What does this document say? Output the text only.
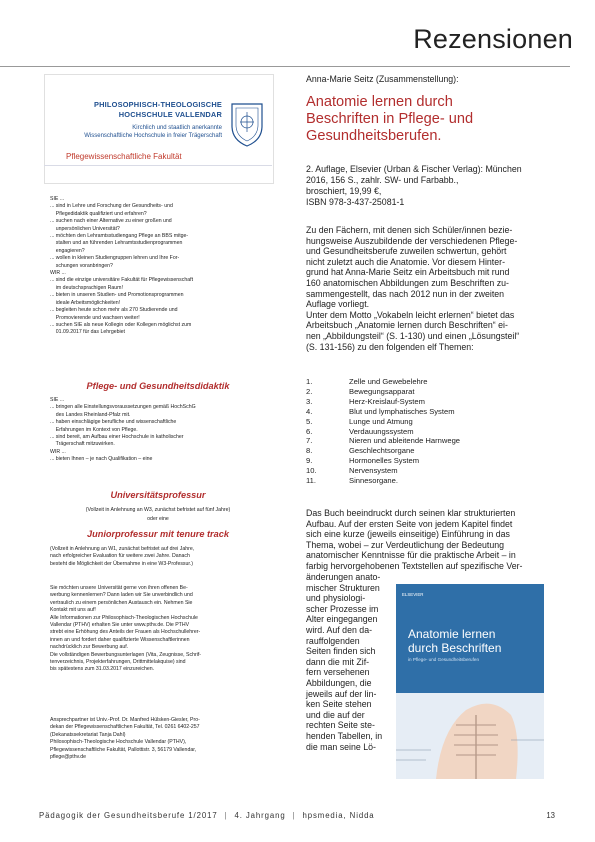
Rezensionen
PHILOSOPHISCH-THEOLOGISCHE
HOCHSCHULE VALLENDAR
Kirchlich und staatlich anerkannte
Wissenschaftliche Hochschule in freier Trägerschaft
Pflegewissenschaftliche Fakultät
SIE ...
... sind in Lehre und Forschung der Gesundheits- und
Pflegedidaktik qualifiziert und erfahren?
... suchen nach einer Alternative zu einer großen und
unpersönlichen Universität?
... möchten den Lehramtsstudiengang Pflege an BBS mitge-
stalten und an führenden Lehramtsstudienprogrammen
engagieren?
... wollen in kleinen Studiengruppen lehren und Ihre For-
schungen voranbringen?
WIR ...
... sind die einzige universitäre Fakultät für Pflegewissenschaft
im deutschsprachigen Raum!
... bieten in unseren Studien- und Promotionsprogrammen
ideale Arbeitsmöglichkeiten!
... begleiten heute schon mehr als 270 Studierende und
Promovierende und wachsen weiter!
... suchen SIE als neue Kollegin oder Kollegen möglichst zum
01.09.2017 für das Lehrgebiet
Pflege- und Gesundheitsdidaktik
SIE ...
... bringen alle Einstellungsvoraussetzungen gemäß HochSchG
des Landes Rheinland-Pfalz mit.
... haben einschlägige berufliche und wissenschaftliche
Erfahrungen im Kontext von Pflege.
... sind bereit, am Aufbau einer Hochschule in katholischer
Trägerschaft mitzuwirken.
WIR ...
... bieten Ihnen – je nach Qualifikation – eine
Universitätsprofessur
(Vollzeit in Anlehnung an W3, zunächst befristet auf fünf Jahre)
oder eine
Juniorprofessur mit tenure track
(Vollzeit in Anlehnung an W1, zunächst befristet auf drei Jahre,
nach erfolgreicher Evaluation für weitere zwei Jahre. Danach
besteht die Möglichkeit der Übernahme in eine W3-Professur.)
Sie möchten unsere Universität gerne von ihren offenen Be-
werbung kennenlernen? Dann laden wir Sie unverbindlich und
vertraulich zu einem persönlichen Austausch ein. Nehmen Sie
Kontakt mit uns auf!
Alle Informationen zur Philosophisch-Theologischen Hochschule
Vallendar (PTHV) erhalten Sie unter www.pthv.de. Die PTHV
strebt eine Erhöhung des Anteils der Frauen als Hochschullehrer-
innen an und fordert daher qualifizierte Wissenschaftlerinnen
nachdrücklich zur Bewerbung auf.
Die vollständigen Bewerbungsunterlagen (Vita, Zeugnisse, Schrif-
tenverzeichnis, Projekterfahrungen, Drittmittelakquise) sind
bis spätestens zum 31.03.2017 einzureichen.
Ansprechpartner ist Univ.-Prof. Dr. Manfred Hülsken-Giesler, Pro-
dekan der Pflegewissenschaftlichen Fakultät, Tel. 0261 6402-257
(Dekanatssekretariat Tanja Dahl)
Philosophisch-Theologische Hochschule Vallendar (PTHV),
Pflegewissenschaftliche Fakultät, Pallottistr. 3, 56179 Vallendar,
pflege@pthv.de
Anna-Marie Seitz (Zusammenstellung):
Anatomie lernen durch
Beschriften in Pflege- und
Gesundheitsberufen.
2. Auflage, Elsevier (Urban & Fischer Verlag): München
2016, 156 S., zahlr. SW- und Farbabb.,
broschiert, 19,99 €,
ISBN 978-3-437-25081-1
Zu den Fächern, mit denen sich Schüler/innen bezie-
hungsweise Auszubildende der verschiedenen Pflege-
und Gesundheitsberufe zuweilen schwertun, gehört
nicht zuletzt auch die Anatomie. Vor diesem Hinter-
grund hat Anna-Marie Seitz ein Arbeitsbuch mit rund
160 anatomischen Abbildungen zum Beschriften zu-
sammengestellt, das nach 2012 nun in der zweiten
Auflage vorliegt.
Unter dem Motto „Vokabeln leicht erlernen“ bietet das
Arbeitsbuch „Anatomie lernen durch Beschriften“ ei-
nen „Abbildungsteil“ (S. 1-130) und einen „Lösungsteil“
(S. 131-156) zu den folgenden elf Themen:
1.	Zelle und Gewebelehre
2.	Bewegungsapparat
3.	Herz-Kreislauf-System
4.	Blut und lymphatisches System
5.	Lunge und Atmung
6.	Verdauungssystem
7.	Nieren und ableitende Harnwege
8.	Geschlechtsorgane
9.	Hormonelles System
10.	Nervensystem
11.	Sinnesorgane.
Das Buch beeindruckt durch seinen klar strukturierten
Aufbau. Auf der ersten Seite von jedem Kapitel findet
sich eine kurze (jeweils einseitige) Einführung in das
Thema, wobei – zur Verdeutlichung der Bedeutung
anatomischer Kenntnisse für die praktische Arbeit – in
farbig hervorgehobenen Textstellen auf spezifische Ver-
änderungen anato-
mischer Strukturen
und physiologi-
scher Prozesse im
Alter eingegangen
wird. Auf den da-
rauffolgenden
Seiten finden sich
dann die mit Zif-
fern versehenen
Abbildungen, die
jeweils auf der lin-
ken Seite stehen
und die auf der
rechten Seite ste-
henden Tabellen, in
die man seine Lö-
ELSEVIER
Anatomie lernen
durch Beschriften
in Pflege- und Gesundheitsberufen
Pädagogik der Gesundheitsberufe 1/2017 | 4. Jahrgang | hpsmedia, Nidda	13
